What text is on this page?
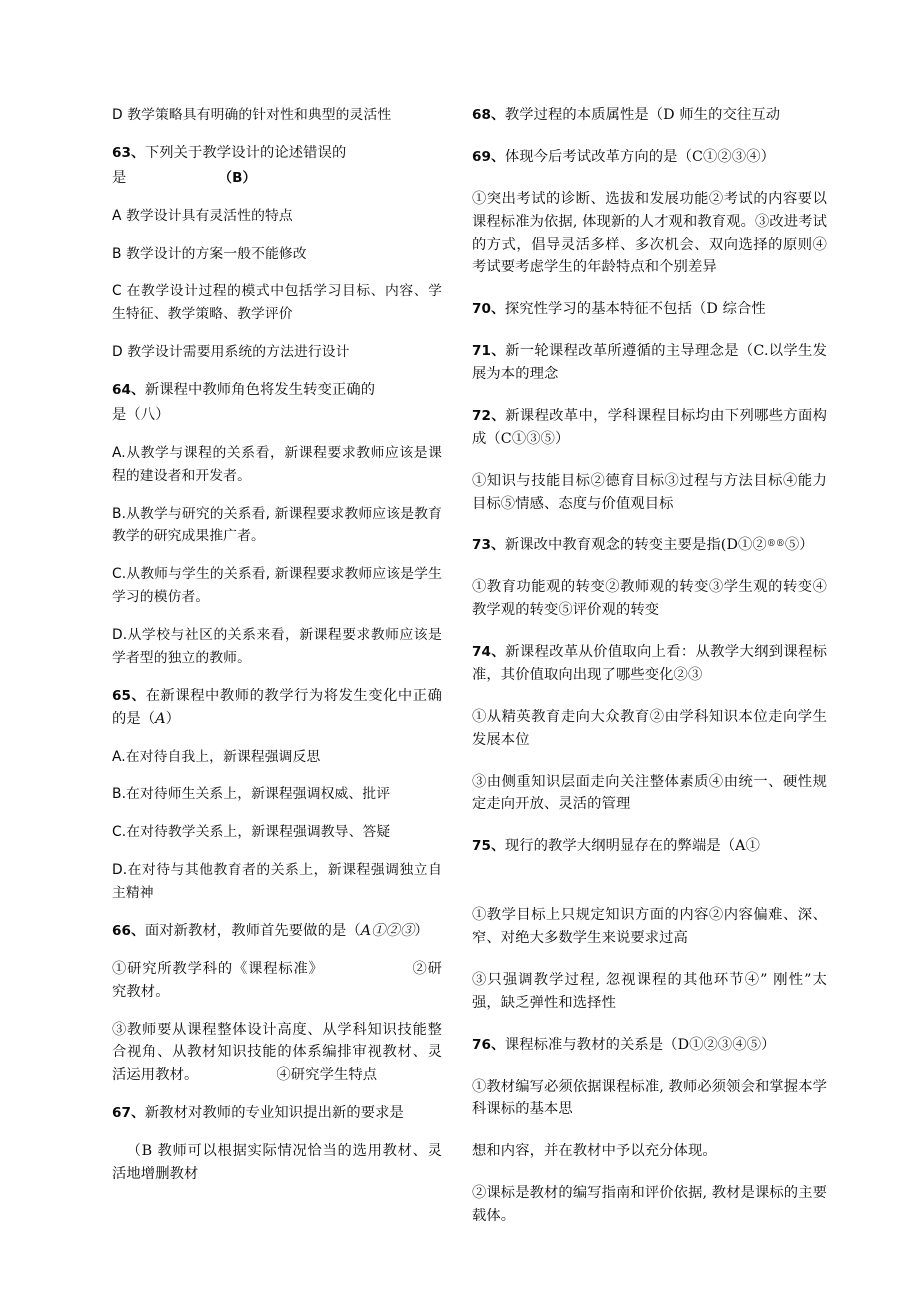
D 教学策略具有明确的针对性和典型的灵活性

63、下列关于教学设计的论述错误的

是	（B）

A 教学设计具有灵活性的特点

B 教学设计的方案一般不能修改

C 在教学设计过程的模式中包括学习目标、内容、学生特征、教学策略、教学评价

D 教学设计需要用系统的方法进行设计

64、新课程中教师角色将发生转变正确的

是（八）

A.从教学与课程的关系看，新课程要求教师应该是课程的建设者和开发者。

B.从教学与研究的关系看, 新课程要求教师应该是教育教学的研究成果推广者。

C.从教师与学生的关系看, 新课程要求教师应该是学生学习的模仿者。

D.从学校与社区的关系来看，新课程要求教师应该是学者型的独立的教师。

65、在新课程中教师的教学行为将发生变化中正确的是（A）

A.在对待自我上，新课程强调反思

B.在对待师生关系上，新课程强调权威、批评

C.在对待教学关系上，新课程强调教导、答疑

D.在对待与其他教育者的关系上，新课程强调独立自主精神

66、面对新教材，教师首先要做的是（A①②③）

①研究所教学科的《课程标准》	②研究教材。

③教师要从课程整体设计高度、从学科知识技能整合视角、从教材知识技能的体系编排审视教材、灵活运用教材。	④研究学生特点

67、新教材对教师的专业知识提出新的要求是

（B 教师可以根据实际情况恰当的选用教材、灵活地增删教材

68、教学过程的本质属性是（D 师生的交往互动

69、体现今后考试改革方向的是（C①②③④）

①突出考试的诊断、选拔和发展功能②考试的内容要以课程标准为依据, 体现新的人才观和教育观。③改进考试的方式，倡导灵活多样、多次机会、双向选择的原则④考试要考虑学生的年龄特点和个别差异

70、探究性学习的基本特征不包括（D 综合性

71、新一轮课程改革所遵循的主导理念是（C.以学生发展为本的理念

72、新课程改革中，学科课程目标均由下列哪些方面构成（C①③⑤）

①知识与技能目标②德育目标③过程与方法目标④能力目标⑤情感、态度与价值观目标

73、新课改中教育观念的转变主要是指(D①②®®⑤）

①教育功能观的转变②教师观的转变③学生观的转变④教学观的转变⑤评价观的转变

74、新课程改革从价值取向上看：从教学大纲到课程标准，其价值取向出现了哪些变化②③

①从精英教育走向大众教育②由学科知识本位走向学生发展本位

③由侧重知识层面走向关注整体素质④由统一、硬性规定走向开放、灵活的管理

75、现行的教学大纲明显存在的弊端是（A①

①教学目标上只规定知识方面的内容②内容偏难、深、窄、对绝大多数学生来说要求过高

③只强调教学过程, 忽视课程的其他环节④” 刚性”太强，缺乏弹性和选择性

76、课程标准与教材的关系是（D①②③④⑤）

①教材编写必须依据课程标准, 教师必须领会和掌握本学科课标的基本思

想和内容，并在教材中予以充分体现。

②课标是教材的编写指南和评价依据, 教材是课标的主要载体。
